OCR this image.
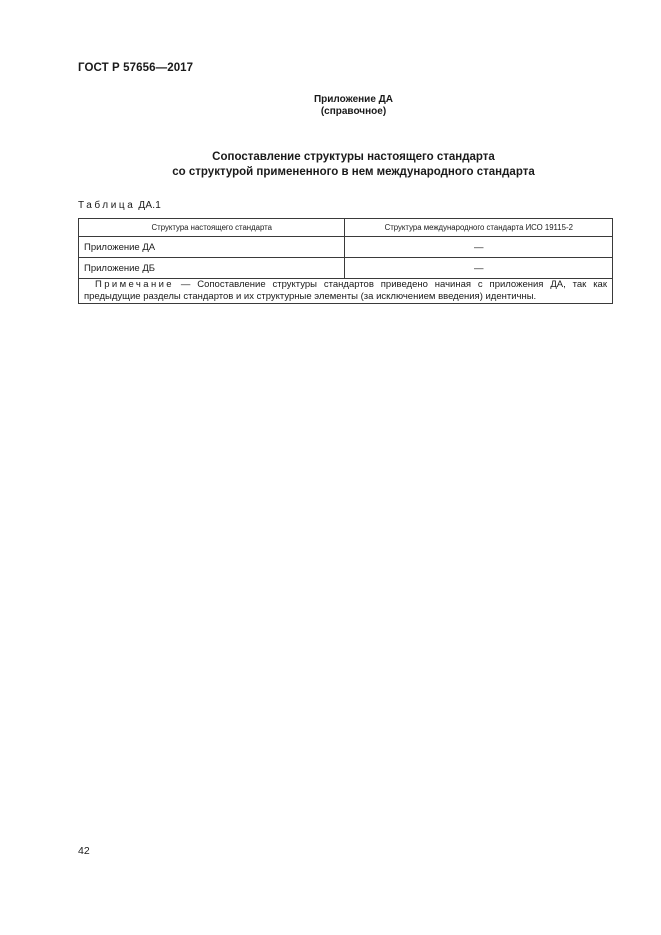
ГОСТ Р 57656—2017
Приложение ДА
(справочное)
Сопоставление структуры настоящего стандарта
со структурой примененного в нем международного стандарта
Таблица ДА.1
Структура настоящего стандарта	Структура международного стандарта ИСО 19115-2
Приложение ДА	—
Приложение ДБ	—
Примечание — Сопоставление структуры стандартов приведено начиная с приложения ДА, так как предыдущие разделы стандартов и их структурные элементы (за исключением введения) идентичны.	
42
